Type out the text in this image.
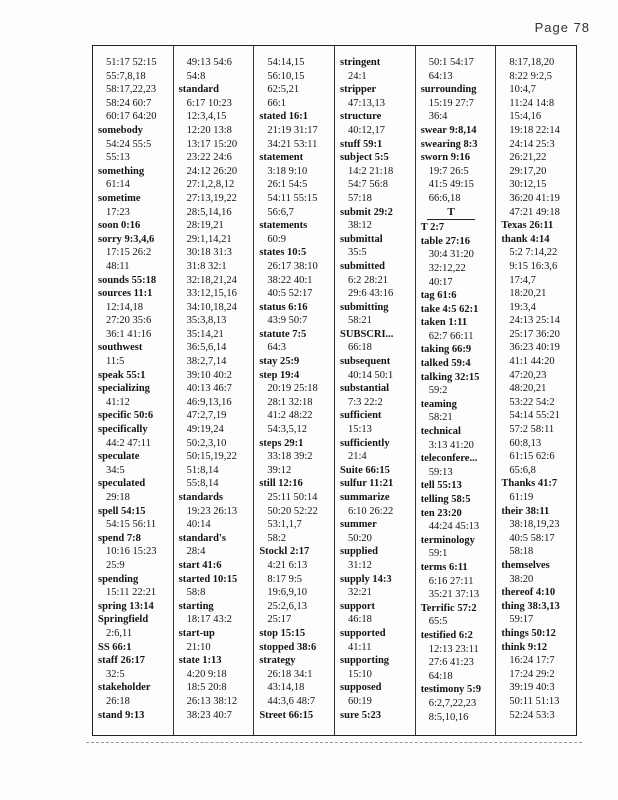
Page 78
51:17 52:15
55:7,8,18
58:17,22,23
58:24 60:7
60:17 64:20
somebody
54:24 55:5
55:13
something
61:14
sometime
17:23
soon 0:16
sorry 9:3,4,6
17:15 26:2
48:11
sounds 55:18
sources 11:1
12:14,18
27:20 35:6
36:1 41:16
southwest
11:5
speak 55:1
specializing
41:12
specific 50:6
specifically
44:2 47:11
speculate
34:5
speculated
29:18
spell 54:15
54:15 56:11
spend 7:8
10:16 15:23
25:9
spending
15:11 22:21
spring 13:14
Springfield
2:6,11
SS 66:1
staff 26:17
32:5
stakeholder
26:18
stand 9:13
49:13 54:6
54:8
standard
6:17 10:23
12:3,4,15
12:20 13:8
13:17 15:20
23:22 24:6
24:12 26:20
27:1,2,8,12
27:13,19,22
28:5,14,16
28:19,21
29:1,14,21
30:18 31:3
31:8 32:1
32:18,21,24
33:12,15,16
34:10,18,24
35:3,8,13
35:14,21
36:5,6,14
38:2,7,14
39:10 40:2
40:13 46:7
46:9,13,16
47:2,7,19
49:19,24
50:2,3,10
50:15,19,22
51:8,14
55:8,14
standards
19:23 26:13
40:14
standard's
28:4
start 41:6
started 10:15
58:8
starting
18:17 43:2
start-up
21:10
state 1:13
4:20 9:18
18:5 20:8
26:13 38:12
38:23 40:7
54:14,15
56:10,15
62:5,21
66:1
stated 16:1
21:19 31:17
34:21 53:11
statement
3:18 9:10
26:1 54:5
54:11 55:15
56:6,7
statements
60:9
states 10:5
26:17 38:10
38:22 40:1
40:5 52:17
status 6:16
43:9 50:7
statute 7:5
64:3
stay 25:9
step 19:4
20:19 25:18
28:1 32:18
41:2 48:22
54:3,5,12
steps 29:1
33:18 39:2
39:12
still 12:16
25:11 50:14
50:20 52:22
53:1,1,7
58:2
Stockl 2:17
4:21 6:13
8:17 9:5
19:6,9,10
25:2,6,13
25:17
stop 15:15
stopped 38:6
strategy
26:18 34:1
43:14,18
44:3,6 48:7
Street 66:15
stringent
24:1
stripper
47:13,13
structure
40:12,17
stuff 59:1
subject 5:5
14:2 21:18
54:7 56:8
57:18
submit 29:2
38:12
submittal
35:5
submitted
6:2 28:21
29:6 43:16
submitting
58:21
SUBSCRI...
66:18
subsequent
40:14 50:1
substantial
7:3 22:2
sufficient
15:13
sufficiently
21:4
Suite 66:15
sulfur 11:21
summarize
6:10 26:22
summer
50:20
supplied
31:12
supply 14:3
32:21
support
46:18
supported
41:11
supporting
15:10
supposed
60:19
sure 5:23
50:1 54:17
64:13
surrounding
15:19 27:7
36:4
swear 9:8,14
swearing 8:3
sworn 9:16
19:7 26:5
41:5 49:15
66:6,18
T
T 2:7
table 27:16
30:4 31:20
32:12,22
40:17
tag 61:6
take 4:5 62:1
taken 1:11
62:7 66:11
taking 66:9
talked 59:4
talking 32:15
59:2
teaming
58:21
technical
3:13 41:20
teleconfere...
59:13
tell 55:13
telling 58:5
ten 23:20
44:24 45:13
terminology
59:1
terms 6:11
6:16 27:11
35:21 37:13
Terrific 57:2
65:5
testified 6:2
12:13 23:11
27:6 41:23
64:18
testimony 5:9
6:2,7,22,23
8:5,10,16
8:17,18,20
8:22 9:2,5
10:4,7
11:24 14:8
15:4,16
19:18 22:14
24:14 25:3
26:21,22
29:17,20
30:12,15
36:20 41:19
47:21 49:18
Texas 26:11
thank 4:14
5:2 7:14,22
9:15 16:3,6
17:4,7
18:20,21
19:3,4
24:13 25:14
25:17 36:20
36:23 40:19
41:1 44:20
47:20,23
48:20,21
53:22 54:2
54:14 55:21
57:2 58:11
60:8,13
61:15 62:6
65:6,8
Thanks 41:7
61:19
their 38:11
38:18,19,23
40:5 58:17
58:18
themselves
38:20
thereof 4:10
thing 38:3,13
59:17
things 50:12
think 9:12
16:24 17:7
17:24 29:2
39:19 40:3
50:11 51:13
52:24 53:3
